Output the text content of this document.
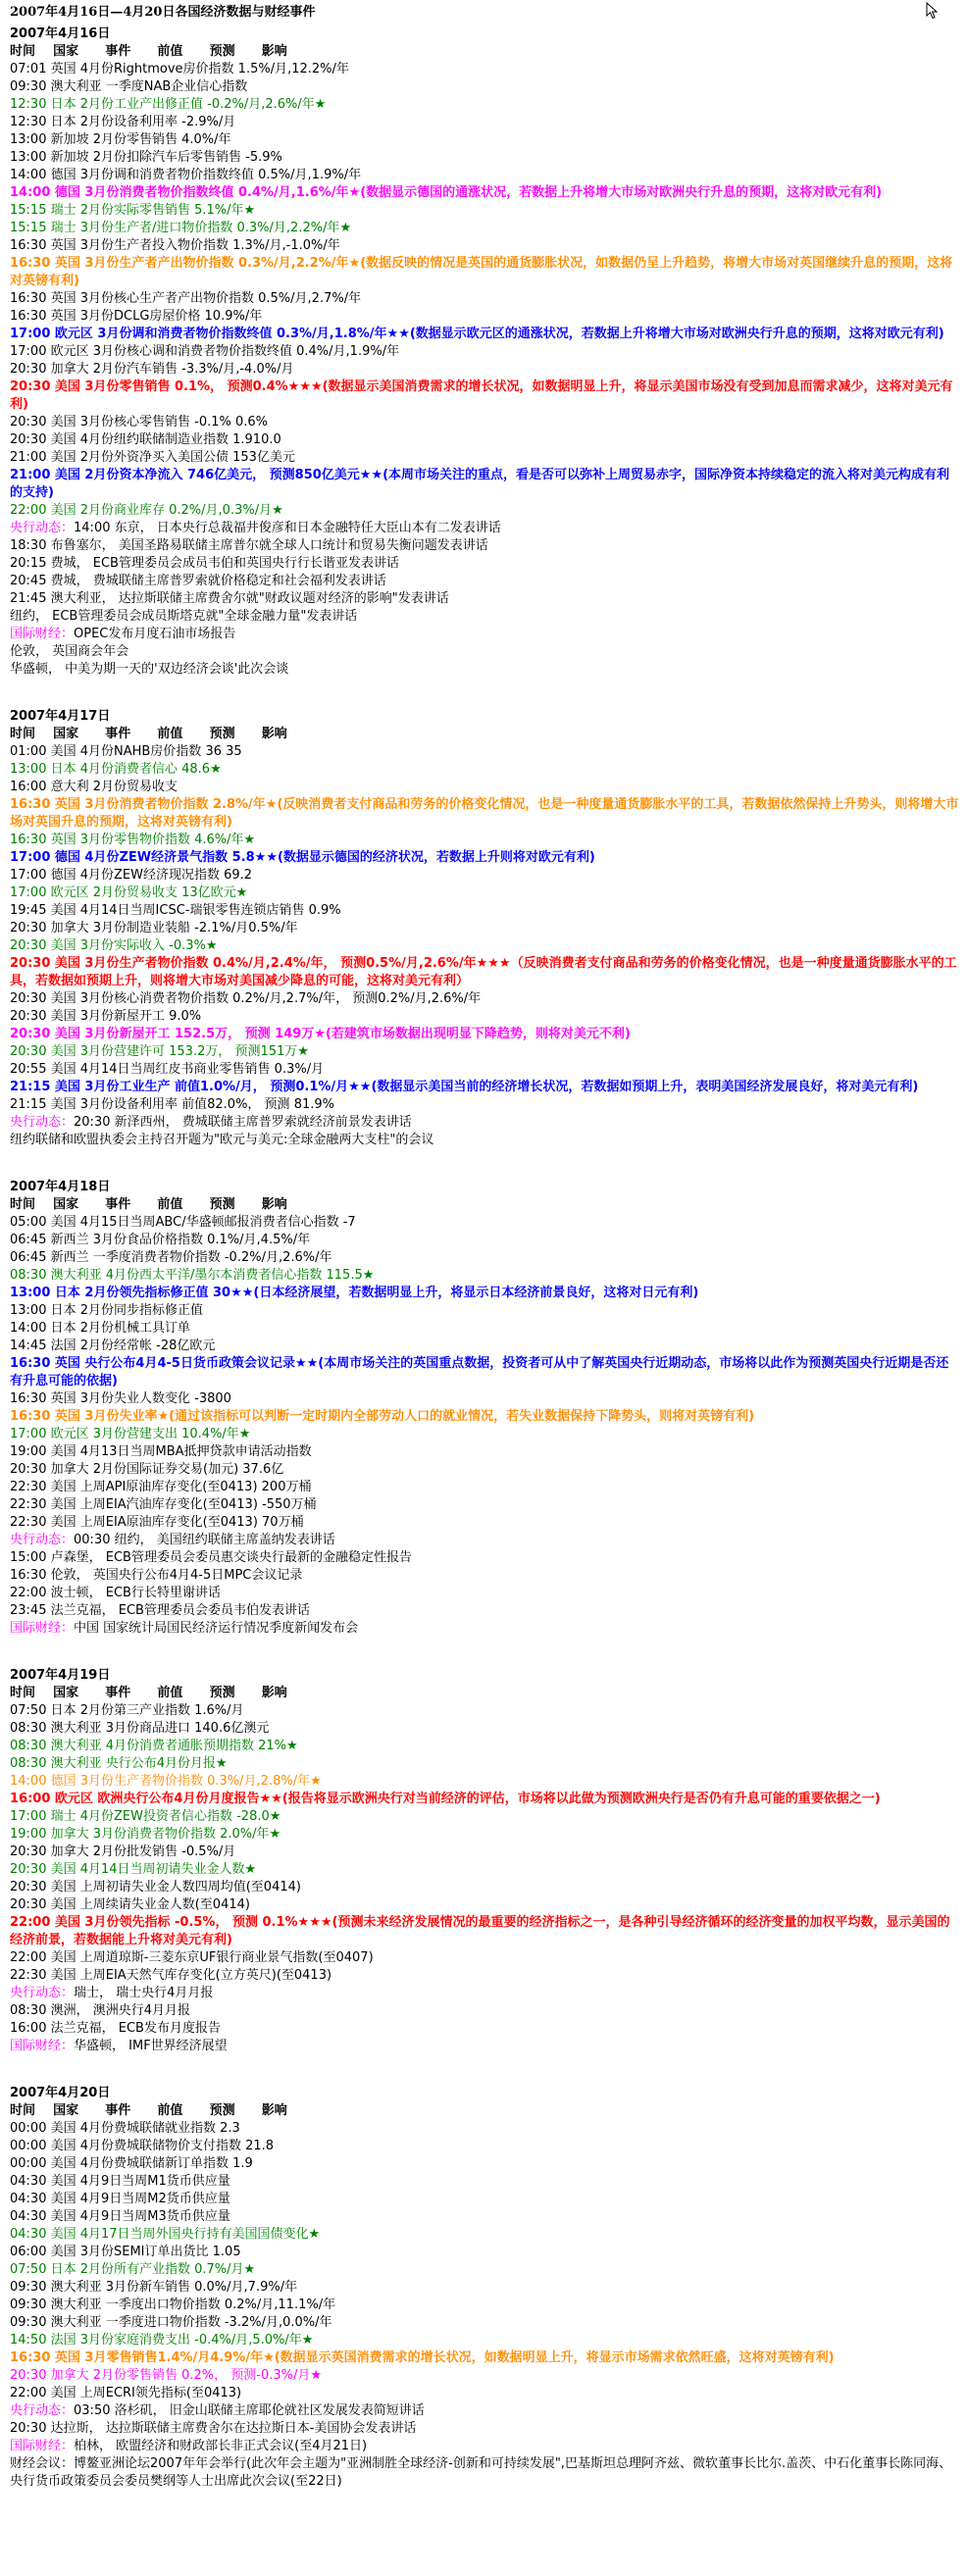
2007年4月16日—4月20日各国经济数据与财经事件
2007年4月16日
时间    国家      事件      前值      预测      影响
07:01 英国 4月份Rightmove房价指数 1.5%/月,12.2%/年
09:30 澳大利亚 一季度NAB企业信心指数
12:30 日本 2月份工业产出修正值 -0.2%/月,2.6%/年★
12:30 日本 2月份设备利用率 -2.9%/月
13:00 新加坡 2月份零售销售 4.0%/年
13:00 新加坡 2月份扣除汽车后零售销售 -5.9%
14:00 德国 3月份调和消费者物价指数终值 0.5%/月,1.9%/年
14:00 德国 3月份消费者物价指数终值 0.4%/月,1.6%/年★(数据显示德国的通涨状况，若数据上升将增大市场对欧洲央行升息的预期，这将对欧元有利)
15:15 瑞士 2月份实际零售销售 5.1%/年★
15:15 瑞士 3月份生产者/进口物价指数 0.3%/月,2.2%/年★
16:30 英国 3月份生产者投入物价指数 1.3%/月,-1.0%/年
16:30 英国 3月份生产者产出物价指数 0.3%/月,2.2%/年★(数据反映的情况是英国的通货膨胀状况，如数据仍呈上升趋势，将增大市场对英国继续升息的预期，这将对英镑有利)
16:30 英国 3月份核心生产者产出物价指数 0.5%/月,2.7%/年
16:30 英国 3月份DCLG房屋价格 10.9%/年
17:00 欧元区 3月份调和消费者物价指数终值 0.3%/月,1.8%/年★★(数据显示欧元区的通涨状况，若数据上升将增大市场对欧洲央行升息的预期，这将对欧元有利)
17:00 欧元区 3月份核心调和消费者物价指数终值 0.4%/月,1.9%/年
20:30 加拿大 2月份汽车销售 -3.3%/月,-4.0%/月
20:30 美国 3月份零售销售 0.1%， 预测0.4%★★★(数据显示美国消费需求的增长状况，如数据明显上升，将显示美国市场没有受到加息而需求减少，这将对美元有利)
20:30 美国 3月份核心零售销售 -0.1% 0.6%
20:30 美国 4月份纽约联储制造业指数 1.910.0
21:00 美国 2月份外资净买入美国公债 153亿美元
21:00 美国 2月份资本净流入 746亿美元， 预测850亿美元★★(本周市场关注的重点，看是否可以弥补上周贸易赤字，国际净资本持续稳定的流入将对美元构成有利的支持)
22:00 美国 2月份商业库存 0.2%/月,0.3%/月★
央行动态：14:00 东京， 日本央行总裁福井俊彦和日本金融特任大臣山本有二发表讲话
18:30 布鲁塞尔， 美国圣路易联储主席普尔就全球人口统计和贸易失衡问题发表讲话
20:15 费城， ECB管理委员会成员韦伯和英国央行行长谐亚发表讲话
20:45 费城， 费城联储主席普罗索就价格稳定和社会福利发表讲话
21:45 澳大利亚， 达拉斯联储主席费舍尔就"财政议题对经济的影响"发表讲话
纽约， ECB管理委员会成员斯塔克就"全球金融力量"发表讲话
国际财经：OPEC发布月度石油市场报告
伦敦， 英国商会年会
华盛顿， 中美为期一天的'双边经济会谈'此次会谈
2007年4月17日
时间    国家      事件      前值      预测      影响
01:00 美国 4月份NAHB房价指数 36 35
13:00 日本 4月份消费者信心 48.6★
16:00 意大利 2月份贸易收支
16:30 英国 3月份消费者物价指数 2.8%/年★(反映消费者支付商品和劳务的价格变化情况，也是一种度量通货膨胀水平的工具，若数据依然保持上升势头，则将增大市场对英国升息的预期，这将对英镑有利)
16:30 英国 3月份零售物价指数 4.6%/年★
17:00 德国 4月份ZEW经济景气指数 5.8★★(数据显示德国的经济状况，若数据上升则将对欧元有利)
17:00 德国 4月份ZEW经济现况指数 69.2
17:00 欧元区 2月份贸易收支 13亿欧元★
19:45 美国 4月14日当周ICSC-瑞银零售连锁店销售 0.9%
20:30 加拿大 3月份制造业装船 -2.1%/月0.5%/年
20:30 美国 3月份实际收入 -0.3%★
20:30 美国 3月份生产者物价指数 0.4%/月,2.4%/年， 预测0.5%/月,2.6%/年★★★（反映消费者支付商品和劳务的价格变化情况，也是一种度量通货膨胀水平的工具，若数据如预期上升，则将增大市场对美国减少降息的可能，这将对美元有利）
20:30 美国 3月份核心消费者物价指数 0.2%/月,2.7%/年， 预测0.2%/月,2.6%/年
20:30 美国 3月份新屋开工 9.0%
20:30 美国 3月份新屋开工 152.5万， 预测 149万★(若建筑市场数据出现明显下降趋势，则将对美元不利)
20:30 美国 3月份营建许可 153.2万， 预测151万★
20:55 美国 4月14日当周红皮书商业零售销售 0.3%/月
21:15 美国 3月份工业生产 前值1.0%/月， 预测0.1%/月★★(数据显示美国当前的经济增长状况，若数据如预期上升，表明美国经济发展良好，将对美元有利)
21:15 美国 3月份设备利用率 前值82.0%， 预测 81.9%
央行动态：20:30 新泽西州， 费城联储主席普罗索就经济前景发表讲话
纽约联储和欧盟执委会主持召开题为"欧元与美元:全球金融两大支柱"的会议
2007年4月18日
时间    国家      事件      前值      预测      影响
05:00 美国 4月15日当周ABC/华盛顿邮报消费者信心指数 -7
06:45 新西兰 3月份食品价格指数 0.1%/月,4.5%/年
06:45 新西兰 一季度消费者物价指数 -0.2%/月,2.6%/年
08:30 澳大利亚 4月份西太平洋/墨尔本消费者信心指数 115.5★
13:00 日本 2月份领先指标修正值 30★★(日本经济展望，若数据明显上升，将显示日本经济前景良好，这将对日元有利)
13:00 日本 2月份同步指标修正值
14:00 日本 2月份机械工具订单
14:45 法国 2月份经常帐 -28亿欧元
16:30 英国 央行公布4月4-5日货币政策会议记录★★(本周市场关注的英国重点数据，投资者可从中了解英国央行近期动态，市场将以此作为预测英国央行近期是否还有升息可能的依据)
16:30 英国 3月份失业人数变化 -3800
16:30 英国 3月份失业率★(通过该指标可以判断一定时期内全部劳动人口的就业情况，若失业数据保持下降势头，则将对英镑有利)
17:00 欧元区 3月份营建支出 10.4%/年★
19:00 美国 4月13日当周MBA抵押贷款申请活动指数
20:30 加拿大 2月份国际证券交易(加元) 37.6亿
22:30 美国 上周API原油库存变化(至0413) 200万桶
22:30 美国 上周EIA汽油库存变化(至0413) -550万桶
22:30 美国 上周EIA原油库存变化(至0413) 70万桶
央行动态：00:30 纽约， 美国纽约联储主席盖纳发表讲话
15:00 卢森堡， ECB管理委员会委员惠交谈央行最新的金融稳定性报告
16:30 伦敦， 英国央行公布4月4-5日MPC会议记录
22:00 波士顿， ECB行长特里谢讲话
23:45 法兰克福， ECB管理委员会委员韦伯发表讲话
国际财经：中国 国家统计局国民经济运行情况季度新闻发布会
2007年4月19日
时间    国家      事件      前值      预测      影响
07:50 日本 2月份第三产业指数 1.6%/月
08:30 澳大利亚 3月份商品进口 140.6亿澳元
08:30 澳大利亚 4月份消费者通胀预期指数 21%★
08:30 澳大利亚 央行公布4月份月报★
14:00 德国 3月份生产者物价指数 0.3%/月,2.8%/年★
16:00 欧元区 欧洲央行公布4月份月度报告★★(报告将显示欧洲央行对当前经济的评估，市场将以此做为预测欧洲央行是否仍有升息可能的重要依据之一)
17:00 瑞士 4月份ZEW投资者信心指数 -28.0★
19:00 加拿大 3月份消费者物价指数 2.0%/年★
20:30 加拿大 2月份批发销售 -0.5%/月
20:30 美国 4月14日当周初请失业金人数★
20:30 美国 上周初请失业金人数四周均值(至0414)
20:30 美国 上周续请失业金人数(至0414)
22:00 美国 3月份领先指标 -0.5%， 预测 0.1%★★★(预测未来经济发展情况的最重要的经济指标之一，是各种引导经济循环的经济变量的加权平均数，显示美国的经济前景，若数据能上升将对美元有利)
22:00 美国 上周道琼斯-三菱东京UF银行商业景气指数(至0407)
22:30 美国 上周EIA天然气库存变化(立方英尺)(至0413)
央行动态：瑞士， 瑞士央行4月月报
08:30 澳洲， 澳洲央行4月月报
16:00 法兰克福， ECB发布月度报告
国际财经：华盛顿， IMF世界经济展望
2007年4月20日
时间    国家      事件      前值      预测      影响
00:00 美国 4月份费城联储就业指数 2.3
00:00 美国 4月份费城联储物价支付指数 21.8
00:00 美国 4月份费城联储新订单指数 1.9
04:30 美国 4月9日当周M1货币供应量
04:30 美国 4月9日当周M2货币供应量
04:30 美国 4月9日当周M3货币供应量
04:30 美国 4月17日当周外国央行持有美国国债变化★
06:00 美国 3月份SEMI订单出货比 1.05
07:50 日本 2月份所有产业指数 0.7%/月★
09:30 澳大利亚 3月份新车销售 0.0%/月,7.9%/年
09:30 澳大利亚 一季度出口物价指数 0.2%/月,11.1%/年
09:30 澳大利亚 一季度进口物价指数 -3.2%/月,0.0%/年
14:50 法国 3月份家庭消费支出 -0.4%/月,5.0%/年★
16:30 英国 3月零售销售1.4%/月4.9%/年★(数据显示英国消费需求的增长状况，如数据明显上升，将显示市场需求依然旺盛，这将对英镑有利)
20:30 加拿大 2月份零售销售 0.2%， 预测-0.3%/月★
22:00 美国 上周ECRI领先指标(至0413)
央行动态：03:50 洛杉矶， 旧金山联储主席耶伦就社区发展发表简短讲话
20:30 达拉斯， 达拉斯联储主席费舍尔在达拉斯日本-美国协会发表讲话
国际财经：柏林， 欧盟经济和财政部长非正式会议(至4月21日)
财经会议：博鳌亚洲论坛2007年年会举行(此次年会主题为"亚洲制胜全球经济-创新和可持续发展",巴基斯坦总理阿齐兹、微软董事长比尔.盖茨、中石化董事长陈同海、央行货币政策委员会委员樊纲等人士出席此次会议(至22日)
